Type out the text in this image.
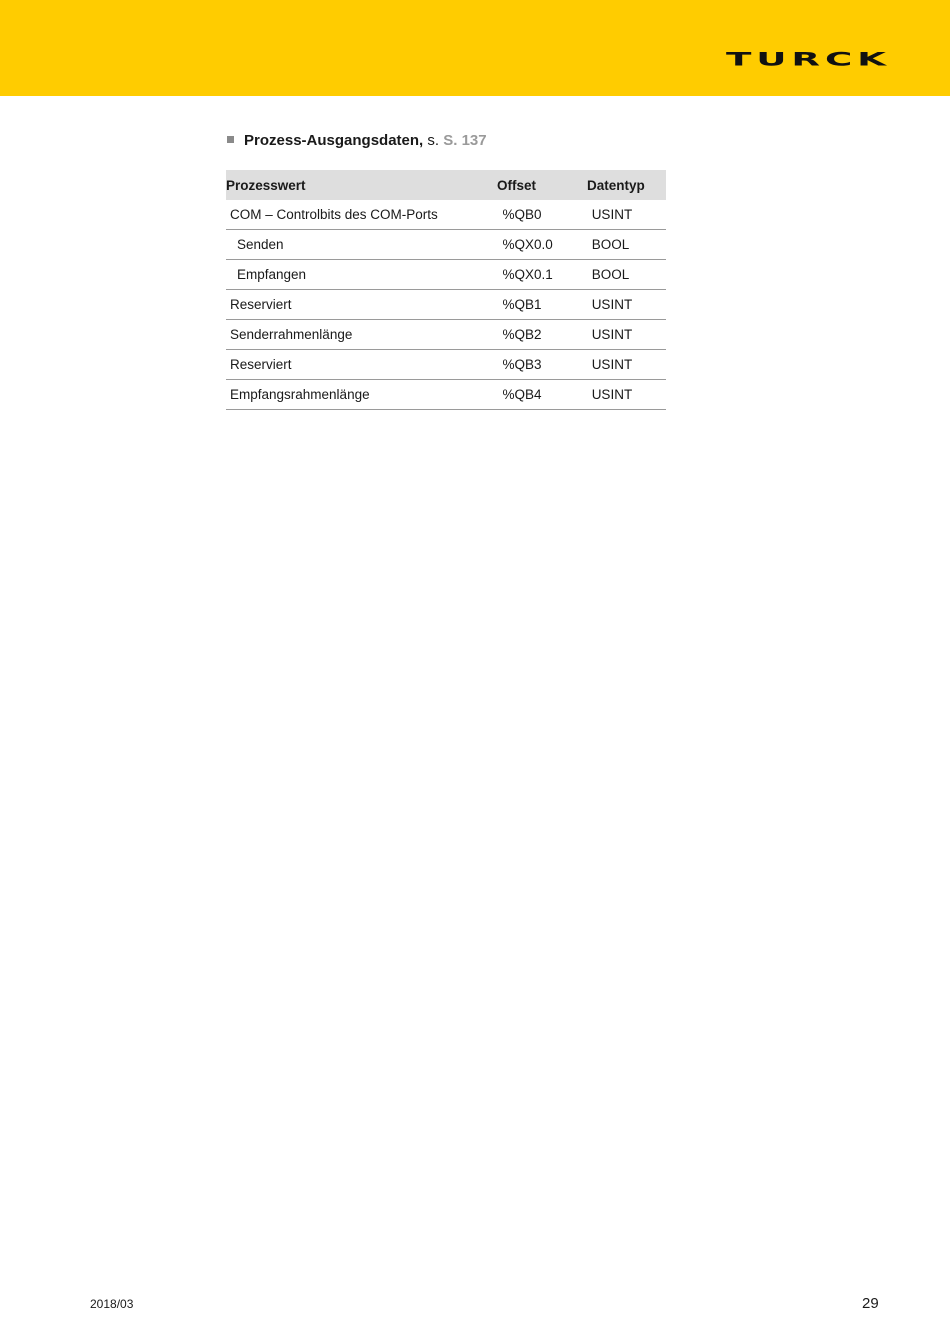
TURCK
Prozess-Ausgangsdaten, s. S. 137
Prozesswert	Offset	Datentyp
COM – Controlbits des COM-Ports	%QB0	USINT
Senden	%QX0.0	BOOL
Empfangen	%QX0.1	BOOL
Reserviert	%QB1	USINT
Senderrahmenlänge	%QB2	USINT
Reserviert	%QB3	USINT
Empfangsrahmenlänge	%QB4	USINT
2018/03	29
